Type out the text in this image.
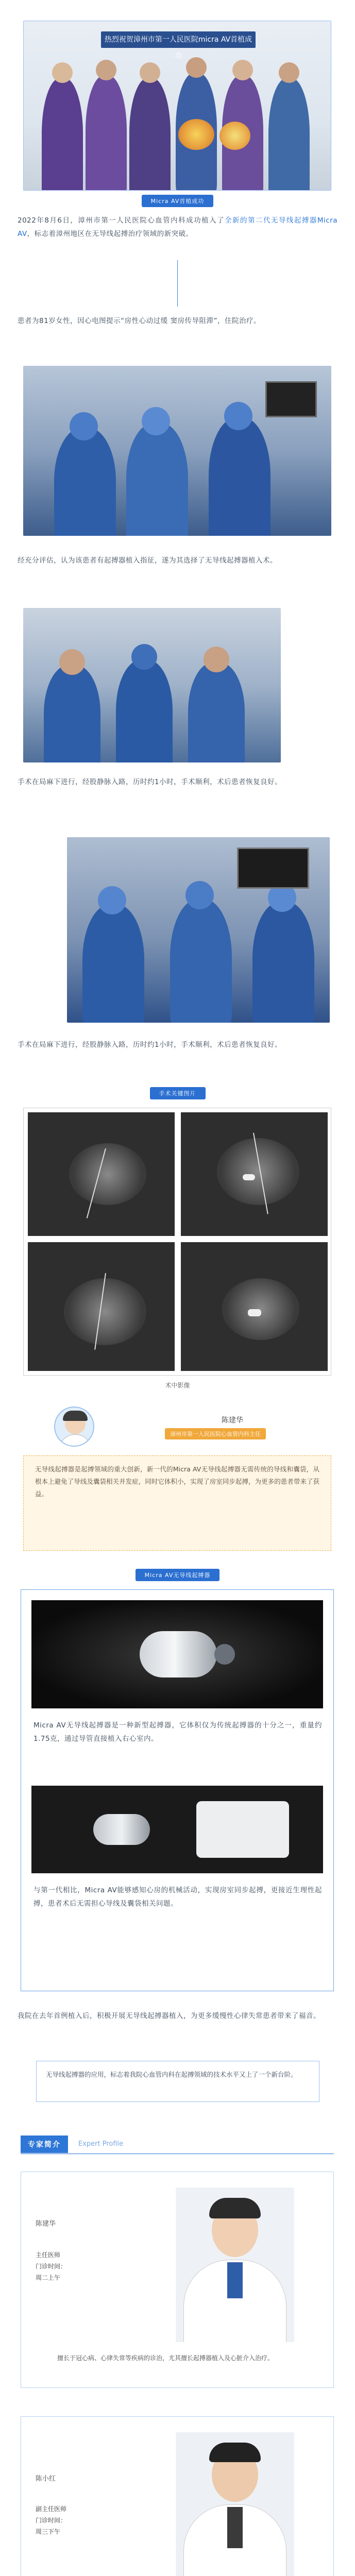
热烈祝贺漳州市第一人民医院micra AV首植成功
Micra AV首植成功
2022年8月6日，漳州市第一人民医院心血管内科成功植入了全新的第二代无导线起搏器Micra AV，标志着漳州地区在无导线起搏治疗领域的新突破。
患者为81岁女性，因心电图提示“房性心动过缓 窦房传导阻滞”，住院治疗。
经充分评估，认为该患者有起搏器植入指征，遂为其选择了无导线起搏器植入术。
手术在局麻下进行，经股静脉入路，历时约1小时，手术顺利，术后患者恢复良好。
手术在局麻下进行，经股静脉入路，历时约1小时，手术顺利，术后患者恢复良好。
手术关键图片
术中影像
陈建华
漳州市第一人民医院心血管内科主任
无导线起搏器是起搏领域的重大创新，新一代的Micra AV无导线起搏器无需传统的导线和囊袋，从根本上避免了导线及囊袋相关并发症，同时它体积小，实现了房室同步起搏，为更多的患者带来了获益。
Micra AV无导线起搏器
Micra AV无导线起搏器是一种新型起搏器，它体积仅为传统起搏器的十分之一，重量约1.75克，通过导管直接植入右心室内。
与第一代相比，Micra AV能够感知心房的机械活动，实现房室同步起搏，更接近生理性起搏，患者术后无需担心导线及囊袋相关问题。
我院在去年首例植入后，积极开展无导线起搏器植入，为更多缓慢性心律失常患者带来了福音。
无导线起搏器的应用，标志着我院心血管内科在起搏领域的技术水平又上了一个新台阶。
专家简介	Expert Profile
陈建华
主任医师
门诊时间：
周二上午
擅长于冠心病、心律失常等疾病的诊治，尤其擅长起搏器植入及心脏介入治疗。
陈小红
副主任医师
门诊时间：
周三下午
